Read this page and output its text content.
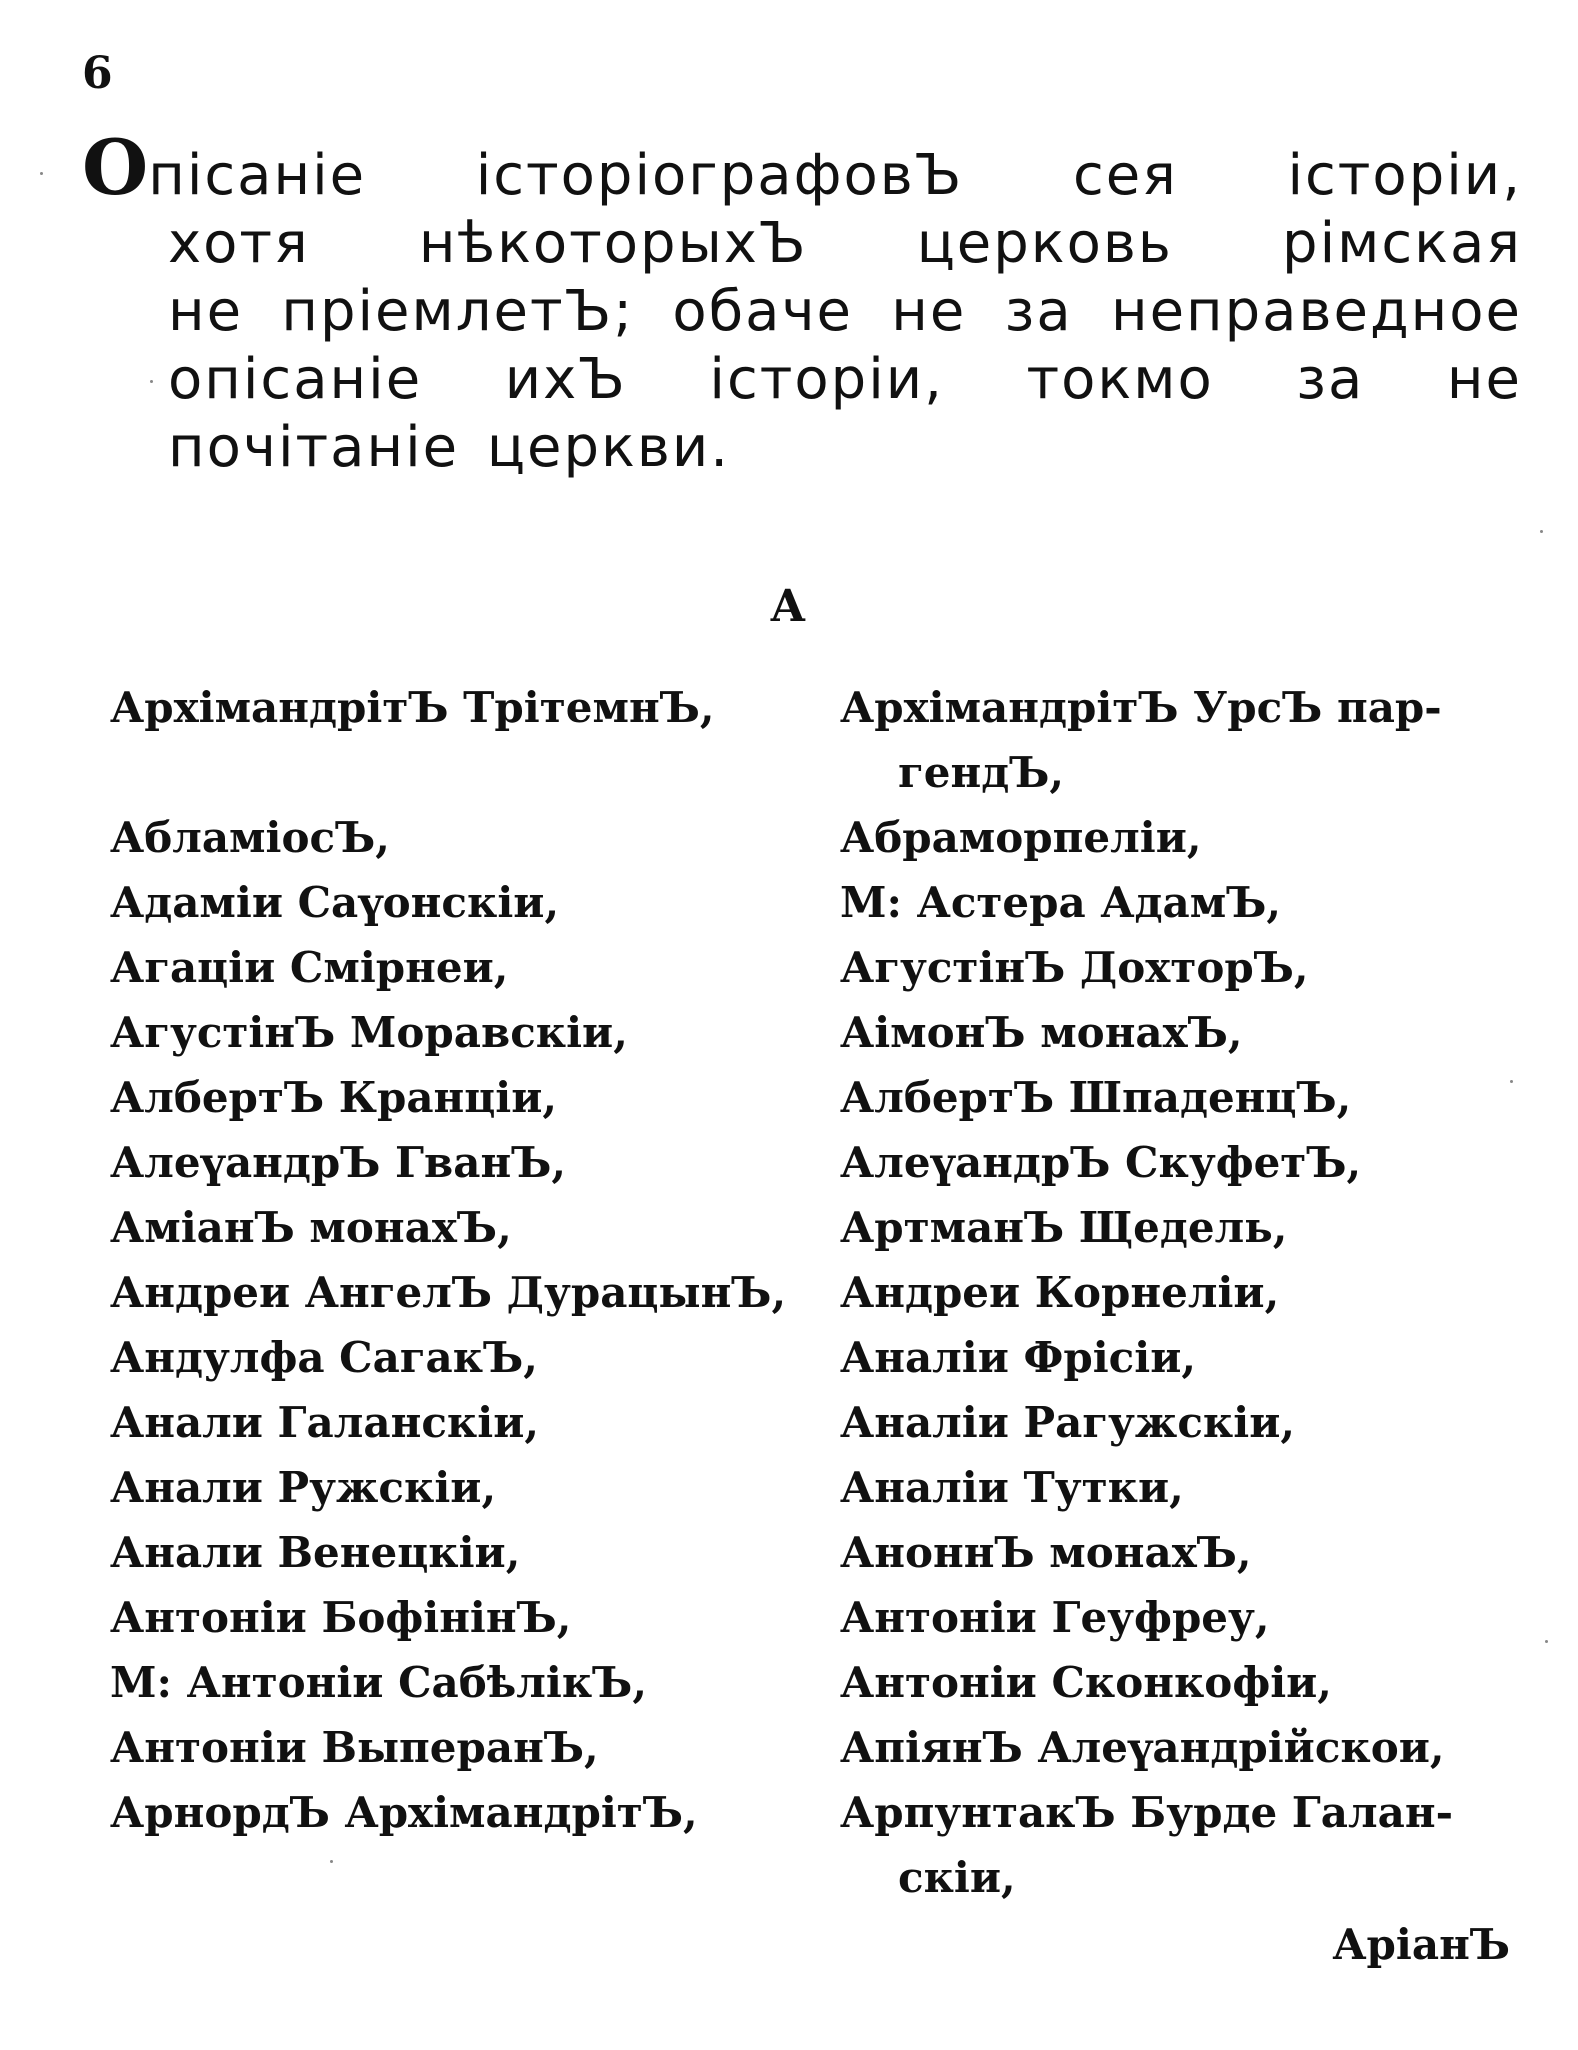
6
Опiсанiе iсторiографовЪ сея iсторiи,
хотя нѣкоторыхЪ церковь рiмская
не прiемлетЪ; обаче не за неправедное
опiсанiе ихЪ iсторiи, токмо за не
почiтанiе церкви.
А
АрхiмандрiтЪ ТрiтемнЪ,
АбламiосЪ,
Адамiи Саүонскiи,
Агацiи Смiрнеи,
АгустiнЪ Моравскiи,
АлбертЪ Кранцiи,
АлеүандрЪ ГванЪ,
АмiанЪ монахЪ,
Андреи АнгелЪ ДурацынЪ,
Андулфа СагакЪ,
Анали Галанскiи,
Анали Ружскiи,
Анали Венецкiи,
Антонiи БофiнiнЪ,
М: Антонiи СабѣлiкЪ,
Антонiи ВыперанЪ,
АрнордЪ АрхiмандрiтЪ,
АрхiмандрiтЪ УрсЪ пар-
гендЪ,
Абраморпелiи,
М: Астера АдамЪ,
АгустiнЪ ДохторЪ,
АiмонЪ монахЪ,
АлбертЪ ШпаденцЪ,
АлеүандрЪ СкуфетЪ,
АртманЪ Щедель,
Андреи Корнелiи,
Аналiи Фрiсiи,
Аналiи Рагужскiи,
Аналiи Тутки,
АноннЪ монахЪ,
Антонiи Геуфреу,
Антонiи Сконкофiи,
АпiянЪ Алеүандрiйскои,
АрпунтакЪ Бурде Галан-
скiи,
АрiанЪ
